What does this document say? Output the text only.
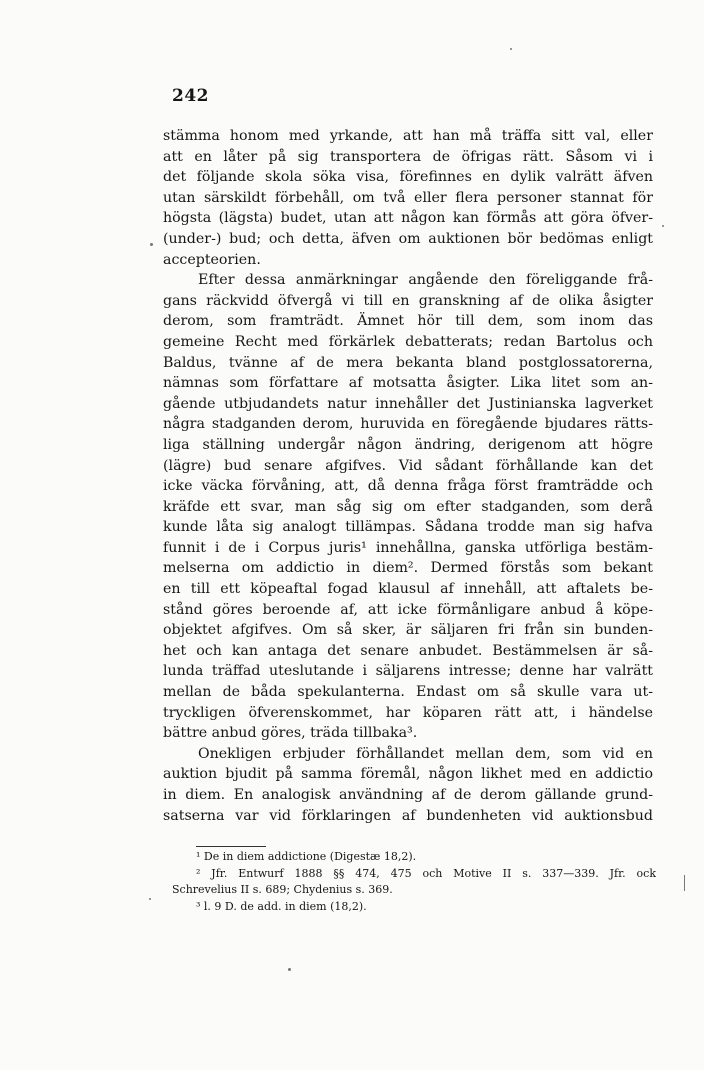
242
stämma honom med yrkande, att han må träffa sitt val, eller
att en låter på sig transportera de öfrigas rätt. Såsom vi i
det följande skola söka visa, förefinnes en dylik valrätt äfven
utan särskildt förbehåll, om två eller flera personer stannat för
högsta (lägsta) budet, utan att någon kan förmås att göra öfver-
(under-) bud; och detta, äfven om auktionen bör bedömas enligt
accepteorien.
Efter dessa anmärkningar angående den föreliggande frå-
gans räckvidd öfvergå vi till en granskning af de olika åsigter
derom, som framträdt. Ämnet hör till dem, som inom das
gemeine Recht med förkärlek debatterats; redan Bartolus och
Baldus, tvänne af de mera bekanta bland postglossatorerna,
nämnas som författare af motsatta åsigter. Lika litet som an-
gående utbjudandets natur innehåller det Justinianska lagverket
några stadganden derom, huruvida en föregående bjudares rätts-
liga ställning undergår någon ändring, derigenom att högre
(lägre) bud senare afgifves. Vid sådant förhållande kan det
icke väcka förvåning, att, då denna fråga först framträdde och
kräfde ett svar, man såg sig om efter stadganden, som derå
kunde låta sig analogt tillämpas. Sådana trodde man sig hafva
funnit i de i Corpus juris¹ innehållna, ganska utförliga bestäm-
melserna om addictio in diem². Dermed förstås som bekant
en till ett köpeaftal fogad klausul af innehåll, att aftalets be-
stånd göres beroende af, att icke förmånligare anbud å köpe-
objektet afgifves. Om så sker, är säljaren fri från sin bunden-
het och kan antaga det senare anbudet. Bestämmelsen är så-
lunda träffad uteslutande i säljarens intresse; denne har valrätt
mellan de båda spekulanterna. Endast om så skulle vara ut-
tryckligen öfverenskommet, har köparen rätt att, i händelse
bättre anbud göres, träda tillbaka³.
Onekligen erbjuder förhållandet mellan dem, som vid en
auktion bjudit på samma föremål, någon likhet med en addictio
in diem. En analogisk användning af de derom gällande grund-
satserna var vid förklaringen af bundenheten vid auktionsbud
¹ De in diem addictione (Digestæ 18,2).
² Jfr. Entwurf 1888 §§ 474, 475 och Motive II s. 337—339. Jfr. ock
Schrevelius II s. 689; Chydenius s. 369.
³ l. 9 D. de add. in diem (18,2).
